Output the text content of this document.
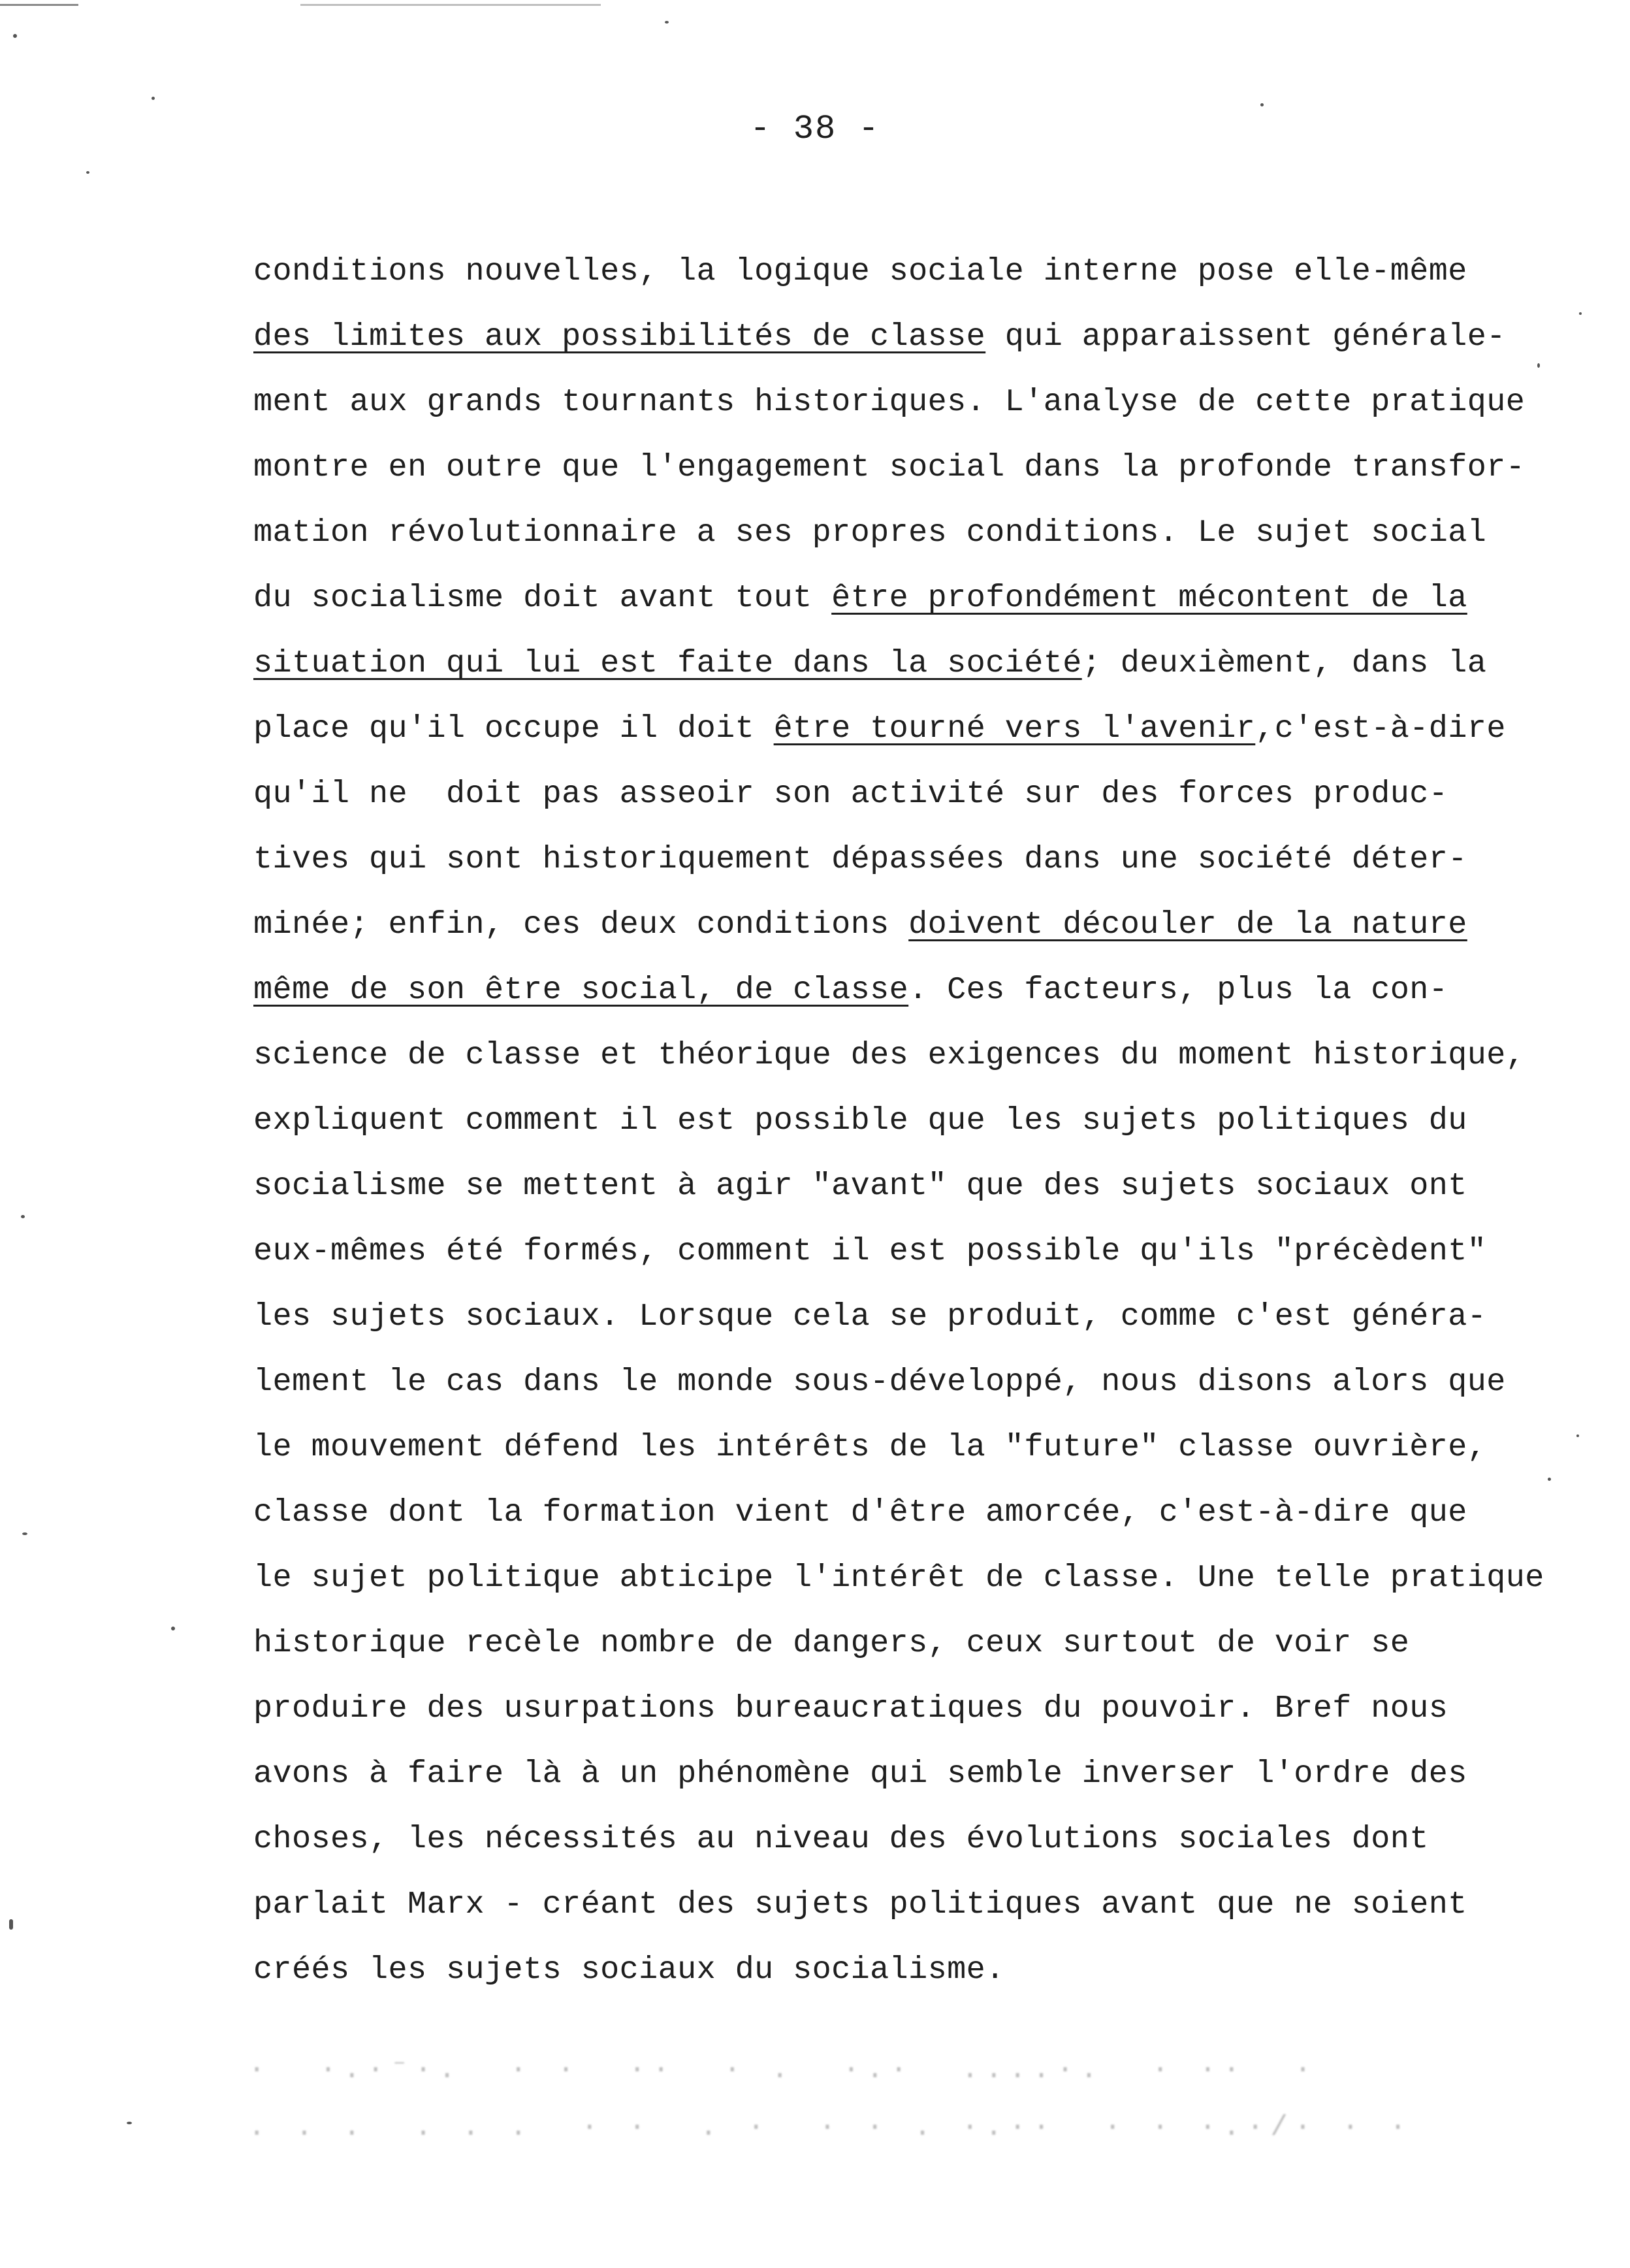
- 38 -
conditions nouvelles, la logique sociale interne pose elle-même
des limites aux possibilités de classe qui apparaissent générale-
ment aux grands tournants historiques. L'analyse de cette pratique
montre en outre que l'engagement social dans la profonde transfor-
mation révolutionnaire a ses propres conditions. Le sujet social
du socialisme doit avant tout être profondément mécontent de la
situation qui lui est faite dans la société; deuxièment, dans la
place qu'il occupe il doit être tourné vers l'avenir,c'est-à-dire
qu'il ne  doit pas asseoir son activité sur des forces produc-
tives qui sont historiquement dépassées dans une société déter-
minée; enfin, ces deux conditions doivent découler de la nature
même de son être social, de classe. Ces facteurs, plus la con-
science de classe et théorique des exigences du moment historique,
expliquent comment il est possible que les sujets politiques du
socialisme se mettent à agir "avant" que des sujets sociaux ont
eux-mêmes été formés, comment il est possible qu'ils "précèdent"
les sujets sociaux. Lorsque cela se produit, comme c'est généra-
lement le cas dans le monde sous-développé, nous disons alors que
le mouvement défend les intérêts de la "future" classe ouvrière,
classe dont la formation vient d'être amorcée, c'est-à-dire que
le sujet politique abticipe l'intérêt de classe. Une telle pratique
historique recèle nombre de dangers, ceux surtout de voir se
produire des usurpations bureaucratiques du pouvoir. Bref nous
avons à faire là à un phénomène qui semble inverser l'ordre des
choses, les nécessités au niveau des évolutions sociales dont
parlait Marx - créant des sujets politiques avant que ne soient
créés les sujets sociaux du socialisme.
·  ·.·⁻·.  · ·  ··  · .  ·.·  ....·.  · ··  ·
. . .  . . .  · ·  . ·  · · . ·.··  · · ·.·/· · ·
